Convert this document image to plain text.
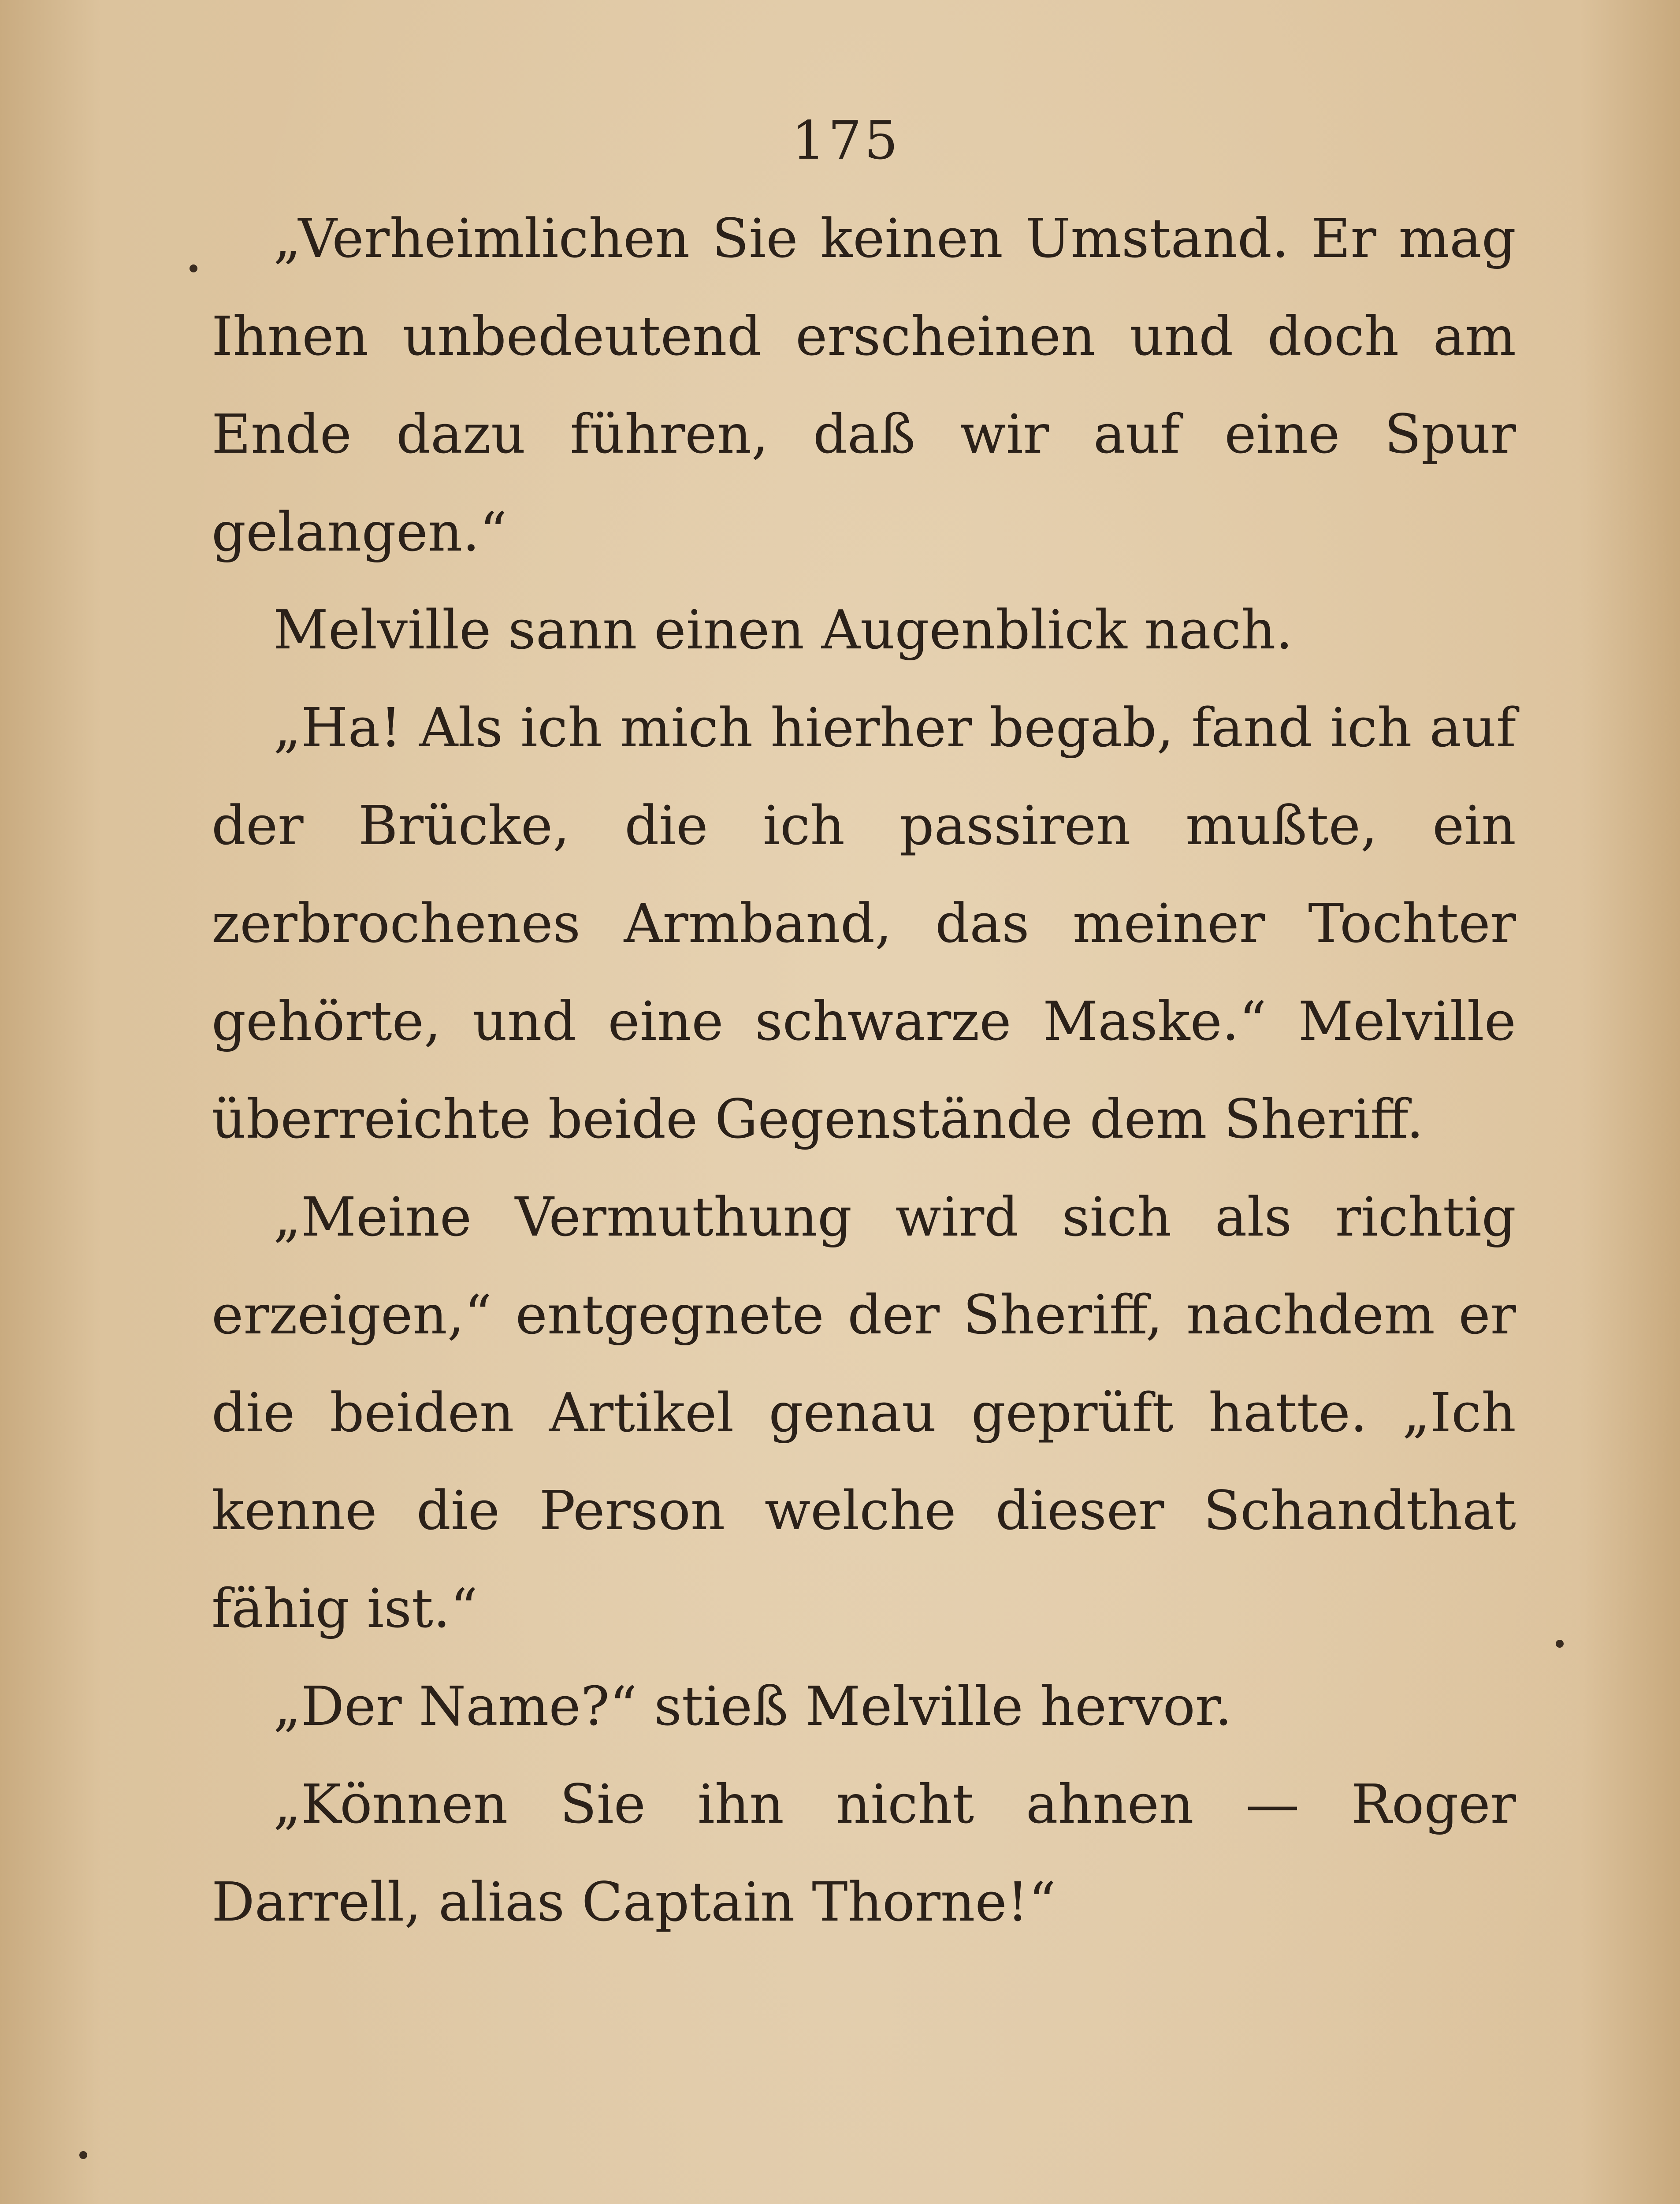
175

„Verheimlichen Sie keinen Umstand. Er mag Ihnen unbedeutend erscheinen und doch am Ende dazu führen, daß wir auf eine Spur gelangen.“

Melville sann einen Augenblick nach.

„Ha! Als ich mich hierher begab, fand ich auf der Brücke, die ich passiren mußte, ein zerbrochenes Armband, das meiner Tochter gehörte, und eine schwarze Maske.“ Melville überreichte beide Gegenstände dem Sheriff.

„Meine Vermuthung wird sich als richtig erzeigen,“ entgegnete der Sheriff, nachdem er die beiden Artikel genau geprüft hatte. „Ich kenne die Person welche dieser Schandthat fähig ist.“

„Der Name?“ stieß Melville hervor.

„Können Sie ihn nicht ahnen — Roger Darrell, alias Captain Thorne!“
